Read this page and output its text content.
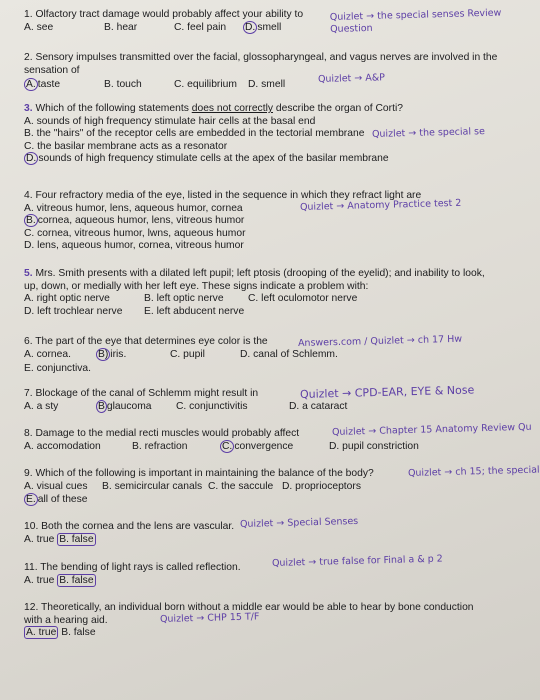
1. Olfactory tract damage would probably affect your ability to
A. see	B. hear	C. feel pain D. smell
Quizlet → the special senses Review Question
2. Sensory impulses transmitted over the facial, glossopharyngeal, and vagus nerves are involved in the
sensation of
A. taste	B. touch	C. equilibrium D. smell	Quizlet → A&P
3. Which of the following statements does not correctly describe the organ of Corti?
A. sounds of high frequency stimulate hair cells at the basal end
B. the "hairs" of the receptor cells are embedded in the tectorial membrane
C. the basilar membrane acts as a resonator
D. sounds of high frequency stimulate cells at the apex of the basilar membrane
Quizlet → the special se
4. Four refractory media of the eye, listed in the sequence in which they refract light are
A. vitreous humor, lens, aqueous humor, cornea
B. cornea, aqueous humor, lens, vitreous humor
C. cornea, vitreous humor, lwns, aqueous humor
D. lens, aqueous humor, cornea, vitreous humor
Quizlet → Anatomy Practice test 2
5. Mrs. Smith presents with a dilated left pupil; left ptosis (drooping of the eyelid); and inability to look,
up, down, or medially with her left eye. These signs indicate a problem with:
A. right optic nerve	B. left optic nerve C. left oculomotor nerve
D. left trochlear nerve E. left abducent nerve
6. The part of the eye that determines eye color is the
A. cornea.	B) iris.	C. pupil	D. canal of Schlemm.
E. conjunctiva.
Answers.com / Quizlet → ch 17 Hw
7. Blockage of the canal of Schlemm might result in
A. a sty	B glaucoma C. conjunctivitis	D. a cataract
Quizlet → CPD-EAR, EYE & Nose
8. Damage to the medial recti muscles would probably affect
A. accomodation	B. refraction	C. convergence	D. pupil constriction
Quizlet → Chapter 15 Anatomy Review Qu
9. Which of the following is important in maintaining the balance of the body?
A. visual cues B. semicircular canals C. the saccule D. proprioceptors
E. all of these
Quizlet → ch 15; the special
10. Both the cornea and the lens are vascular.
A. true B. false
Quizlet → Special Senses
11. The bending of light rays is called reflection.
A. true B. false
Quizlet → true false for Final a & p 2
12. Theoretically, an individual born without a middle ear would be able to hear by bone conduction
with a hearing aid.
A. true B. false
Quizlet → CHP 15 T/F
